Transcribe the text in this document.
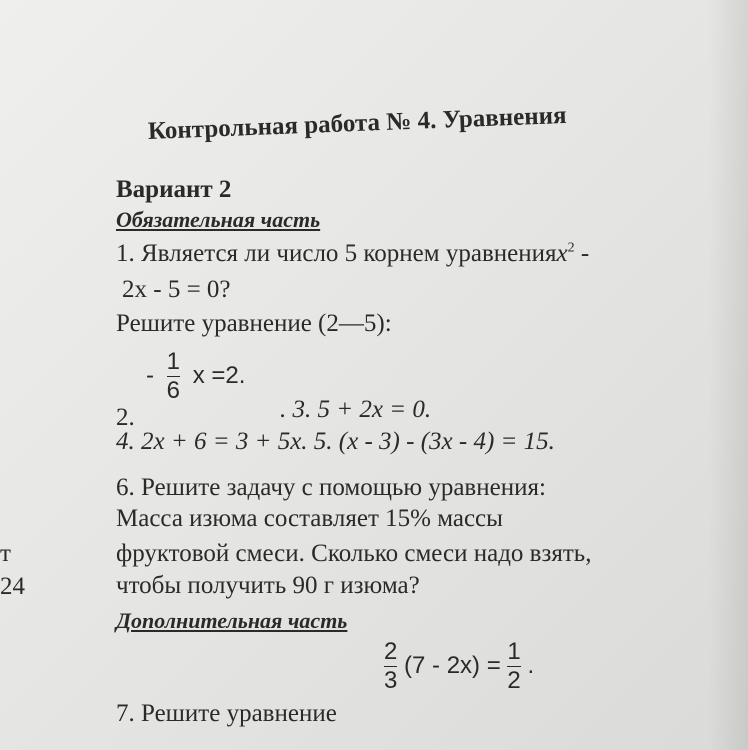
т
24
Контрольная работа № 4. Уравнения
Вариант 2
Обязательная часть
1. Является ли число 5 корнем уравненияx$^2$ -
2x - 5 = 0?
Решите уравнение (2—5):
- $\frac{1}{6}$ x =2.
2.	. 3. 5 + 2x = 0.
4. 2x + 6 = 3 + 5x. 5. (x - 3) - (3x - 4) = 15.
6. Решите задачу с помощью уравнения:
Масса изюма составляет 15% массы
фруктовой смеси. Сколько смеси надо взять,
чтобы получить 90 г изюма?
Дополнительная часть
$\frac{2}{3} (7 - 2x) = \frac{1}{2}$ .
7. Решите уравнение
